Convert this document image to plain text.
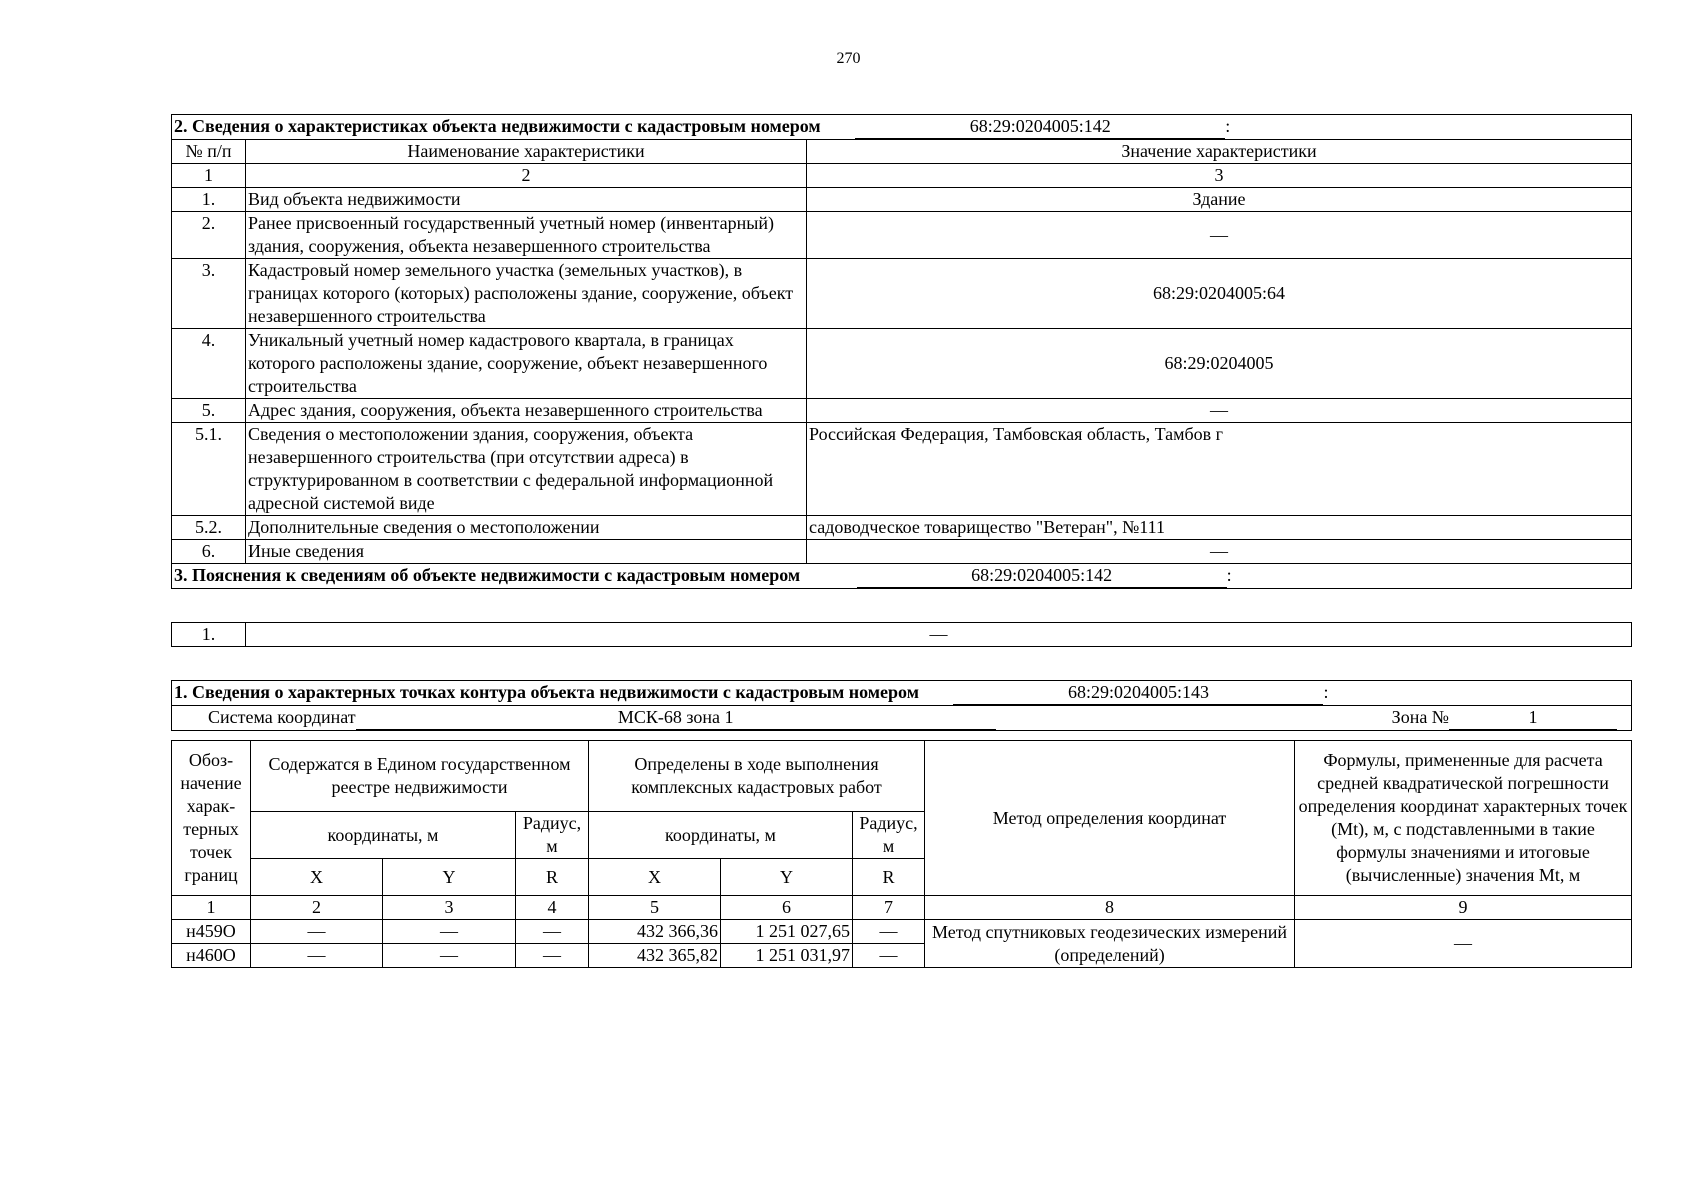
270
2. Сведения о характеристиках объекта недвижимости с кадастровым номером 68:29:0204005:142 :		
№ п/п	Наименование характеристики	Значение характеристики
1	2	3
1.	Вид объекта недвижимости	Здание
2.	Ранее присвоенный государственный учетный номер (инвентарный) здания, сооружения, объекта незавершенного строительства	—
3.	Кадастровый номер земельного участка (земельных участков), в границах которого (которых) расположены здание, сооружение, объект незавершенного строительства	68:29:0204005:64
4.	Уникальный учетный номер кадастрового квартала, в границах которого расположены здание, сооружение, объект незавершенного строительства	68:29:0204005
5.	Адрес здания, сооружения, объекта незавершенного строительства	—
5.1.	Сведения о местоположении здания, сооружения, объекта незавершенного строительства (при отсутствии адреса) в структурированном в соответствии с федеральной информационной адресной системой виде	Российская Федерация, Тамбовская область, Тамбов г
5.2.	Дополнительные сведения о местоположении	садоводческое товарищество "Ветеран", №111
6.	Иные сведения	—
3. Пояснения к сведениям об объекте недвижимости с кадастровым номером 68:29:0204005:142 :		
1.	—
1. Сведения о характерных точках контура объекта недвижимости с кадастровым номером	68:29:0204005:143	:
Система координат	МСК-68 зона 1	Зона №	1
Обоз-начение харак-терных точек границ	Содержатся в Едином государственном реестре недвижимости			Определены в ходе выполнения комплексных кадастровых работ			Метод определения координат	Формулы, примененные для расчета средней квадратической погрешности определения координат характерных точек (Mt), м, с подставленными в такие формулы значениями и итоговые (вычисленные) значения Mt, м
	координаты, м		Радиус, м	координаты, м		Радиус, м		
	X	Y	R	X	Y	R		
1	2	3	4	5	6	7	8	9
н459О	—	—	—	432 366,36	1 251 027,65	—	Метод спутниковых геодезических измерений (определений)	—
н460О	—	—	—	432 365,82	1 251 031,97	—		
